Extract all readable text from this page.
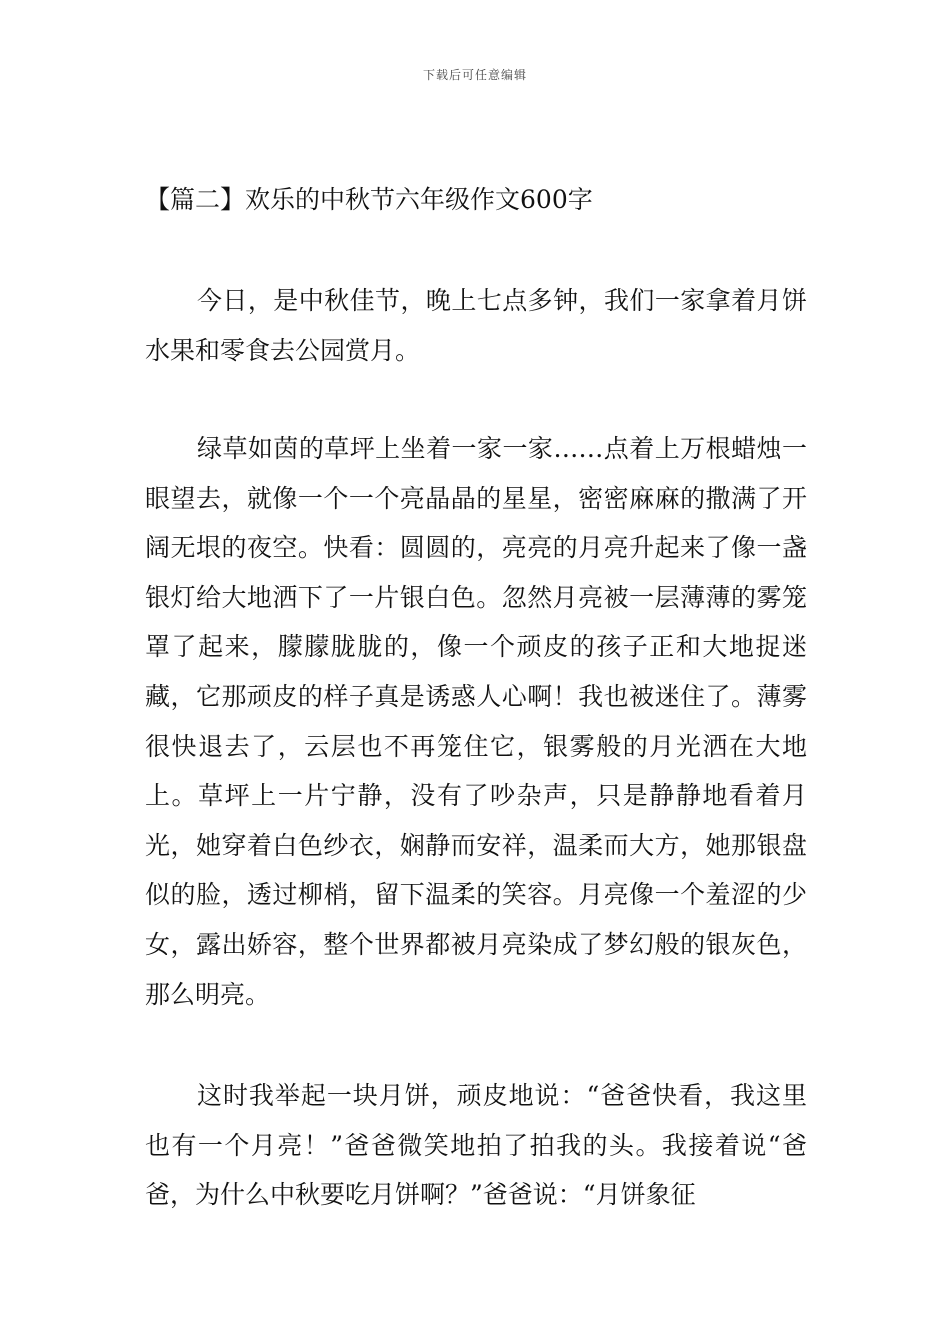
下载后可任意编辑
【篇二】欢乐的中秋节六年级作文600字

今日，是中秋佳节，晚上七点多钟，我们一家拿着月饼水果和零食去公园赏月。

绿草如茵的草坪上坐着一家一家……点着上万根蜡烛一眼望去，就像一个一个亮晶晶的星星，密密麻麻的撒满了开阔无垠的夜空。快看：圆圆的，亮亮的月亮升起来了像一盏银灯给大地洒下了一片银白色。忽然月亮被一层薄薄的雾笼罩了起来，朦朦胧胧的，像一个顽皮的孩子正和大地捉迷藏，它那顽皮的样子真是诱惑人心啊！我也被迷住了。薄雾很快退去了，云层也不再笼住它，银雾般的月光洒在大地上。草坪上一片宁静，没有了吵杂声，只是静静地看着月光，她穿着白色纱衣，娴静而安祥，温柔而大方，她那银盘似的脸，透过柳梢，留下温柔的笑容。月亮像一个羞涩的少女，露出娇容，整个世界都被月亮染成了梦幻般的银灰色，那么明亮。

这时我举起一块月饼，顽皮地说：“爸爸快看，我这里也有一个月亮！”爸爸微笑地拍了拍我的头。我接着说“爸爸，为什么中秋要吃月饼啊？”爸爸说：“月饼象征
